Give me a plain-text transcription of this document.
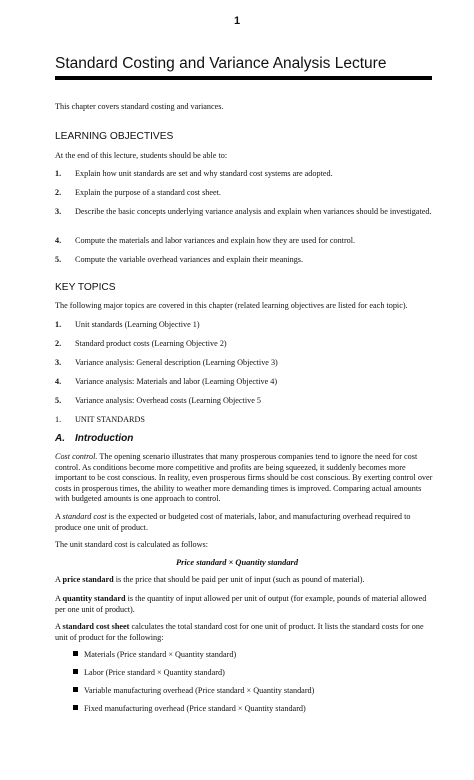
1
Standard Costing and Variance Analysis Lecture
This chapter covers standard costing and variances.
LEARNING OBJECTIVES
At the end of this lecture, students should be able to:
1. Explain how unit standards are set and why standard cost systems are adopted.
2. Explain the purpose of a standard cost sheet.
3. Describe the basic concepts underlying variance analysis and explain when variances should be investigated.
4. Compute the materials and labor variances and explain how they are used for control.
5. Compute the variable overhead variances and explain their meanings.
KEY TOPICS
The following major topics are covered in this chapter (related learning objectives are listed for each topic).
1. Unit standards (Learning Objective 1)
2. Standard product costs (Learning Objective 2)
3. Variance analysis: General description (Learning Objective 3)
4. Variance analysis: Materials and labor (Learning Objective 4)
5. Variance analysis: Overhead costs (Learning Objective 5
1. UNIT STANDARDS
A. Introduction
Cost control. The opening scenario illustrates that many prosperous companies tend to ignore the need for cost control. As conditions become more competitive and profits are being squeezed, it suddenly becomes more important to be cost conscious. In reality, even prosperous firms should be cost conscious. By exerting control over costs in prosperous times, the ability to weather more demanding times is improved. Comparing actual amounts with budgeted amounts is one approach to control.
A standard cost is the expected or budgeted cost of materials, labor, and manufacturing overhead required to produce one unit of product.
The unit standard cost is calculated as follows:
Price standard × Quantity standard
A price standard is the price that should be paid per unit of input (such as pound of material).
A quantity standard is the quantity of input allowed per unit of output (for example, pounds of material allowed per one unit of product).
A standard cost sheet calculates the total standard cost for one unit of product. It lists the standard costs for one unit of product for the following:
Materials (Price standard × Quantity standard)
Labor (Price standard × Quantity standard)
Variable manufacturing overhead (Price standard × Quantity standard)
Fixed manufacturing overhead (Price standard × Quantity standard)
